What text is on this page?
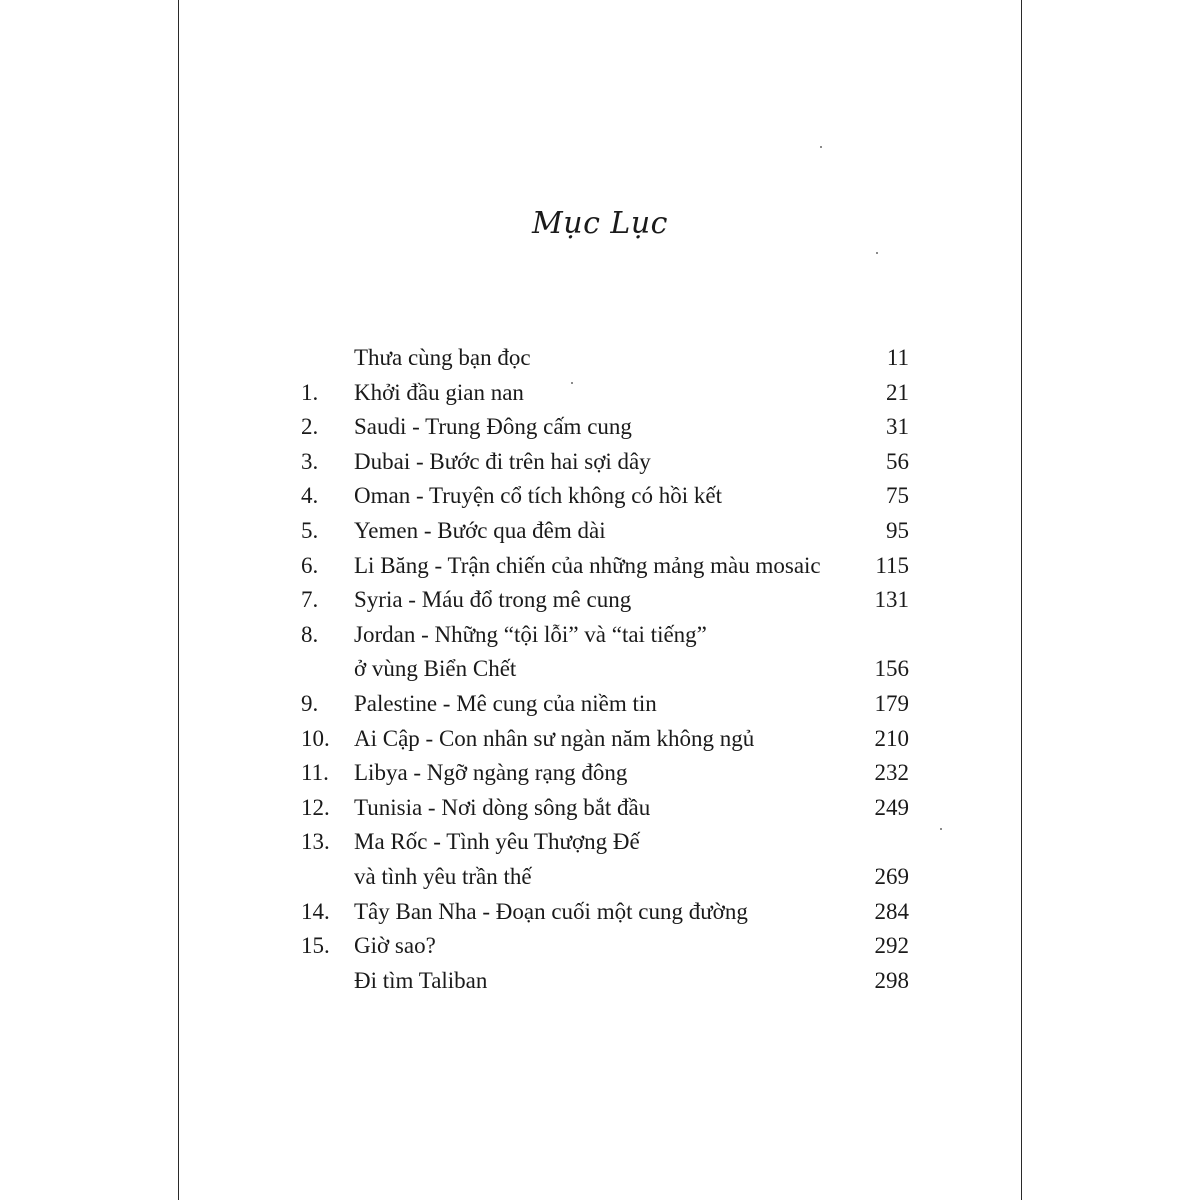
Mục Lục
Thưa cùng bạn đọc	11
1. Khởi đầu gian nan	21
2. Saudi - Trung Đông cấm cung	31
3. Dubai - Bước đi trên hai sợi dây	56
4. Oman - Truyện cổ tích không có hồi kết	75
5. Yemen - Bước qua đêm dài	95
6. Li Băng - Trận chiến của những mảng màu mosaic 115
7. Syria - Máu đổ trong mê cung	131
8. Jordan - Những “tội lỗi” và “tai tiếng”
ở vùng Biển Chết	156
9. Palestine - Mê cung của niềm tin	179
10. Ai Cập - Con nhân sư ngàn năm không ngủ	210
11. Libya - Ngỡ ngàng rạng đông	232
12. Tunisia - Nơi dòng sông bắt đầu	249
13. Ma Rốc - Tình yêu Thượng Đế
và tình yêu trần thế	269
14. Tây Ban Nha - Đoạn cuối một cung đường	284
15. Giờ sao?	292
Đi tìm Taliban	298
